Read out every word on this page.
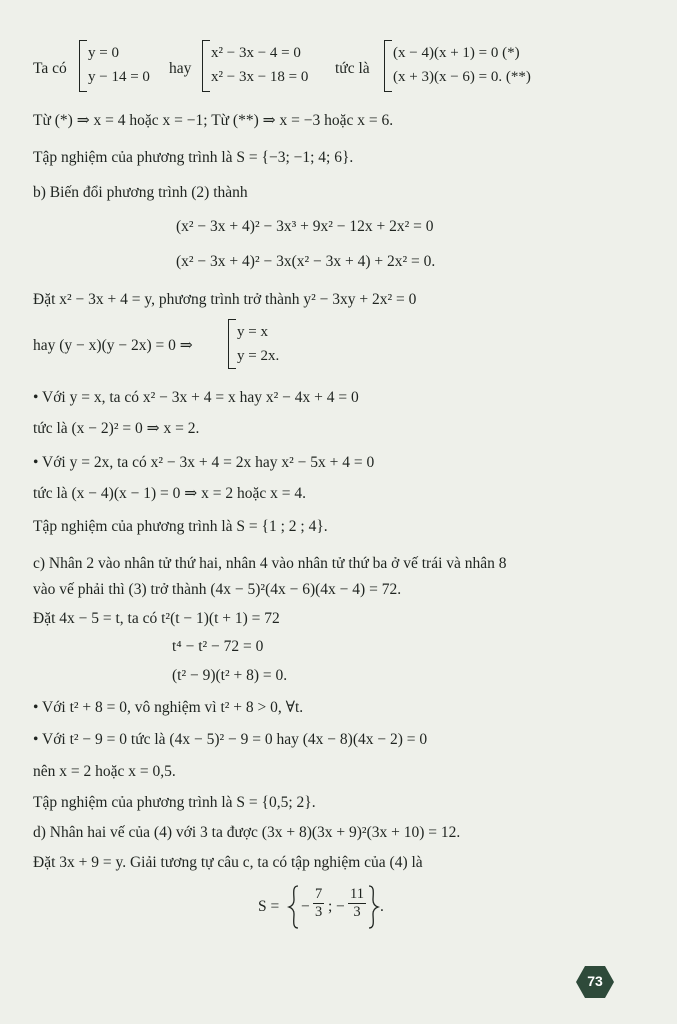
Ta có
y = 0
y − 14 = 0 hay
x² − 3x − 4 = 0
x² − 3x − 18 = 0 tức là
(x − 4)(x + 1) = 0 (*)
(x + 3)(x − 6) = 0. (**)
Từ (*) ⇒ x = 4 hoặc x = −1; Từ (**) ⇒ x = −3 hoặc x = 6.
Tập nghiệm của phương trình là S = {−3; −1; 4; 6}.
b) Biến đổi phương trình (2) thành
(x² − 3x + 4)² − 3x³ + 9x² − 12x + 2x² = 0
(x² − 3x + 4)² − 3x(x² − 3x + 4) + 2x² = 0.
Đặt x² − 3x + 4 = y, phương trình trở thành y² − 3xy + 2x² = 0
hay (y − x)(y − 2x) = 0 ⇒
y = x
y = 2x.
• Với y = x, ta có x² − 3x + 4 = x hay x² − 4x + 4 = 0
tức là (x − 2)² = 0 ⇒ x = 2.
• Với y = 2x, ta có x² − 3x + 4 = 2x hay x² − 5x + 4 = 0
tức là (x − 4)(x − 1) = 0 ⇒ x = 2 hoặc x = 4.
Tập nghiệm của phương trình là S = {1 ; 2 ; 4}.
c) Nhân 2 vào nhân tử thứ hai, nhân 4 vào nhân tử thứ ba ở vế trái và nhân 8
vào vế phải thì (3) trở thành (4x − 5)²(4x − 6)(4x − 4) = 72.
Đặt 4x − 5 = t, ta có t²(t − 1)(t + 1) = 72
t⁴ − t² − 72 = 0
(t² − 9)(t² + 8) = 0.
• Với t² + 8 = 0, vô nghiệm vì t² + 8 > 0, ∀t.
• Với t² − 9 = 0 tức là (4x − 5)² − 9 = 0 hay (4x − 8)(4x − 2) = 0
nên x = 2 hoặc x = 0,5.
Tập nghiệm của phương trình là S = {0,5; 2}.
d) Nhân hai vế của (4) với 3 ta được (3x + 8)(3x + 9)²(3x + 10) = 12.
Đặt 3x + 9 = y. Giải tương tự câu c, ta có tập nghiệm của (4) là
S = − $\frac{7}{3}$ ; − $\frac{11}{3}$ .
73
